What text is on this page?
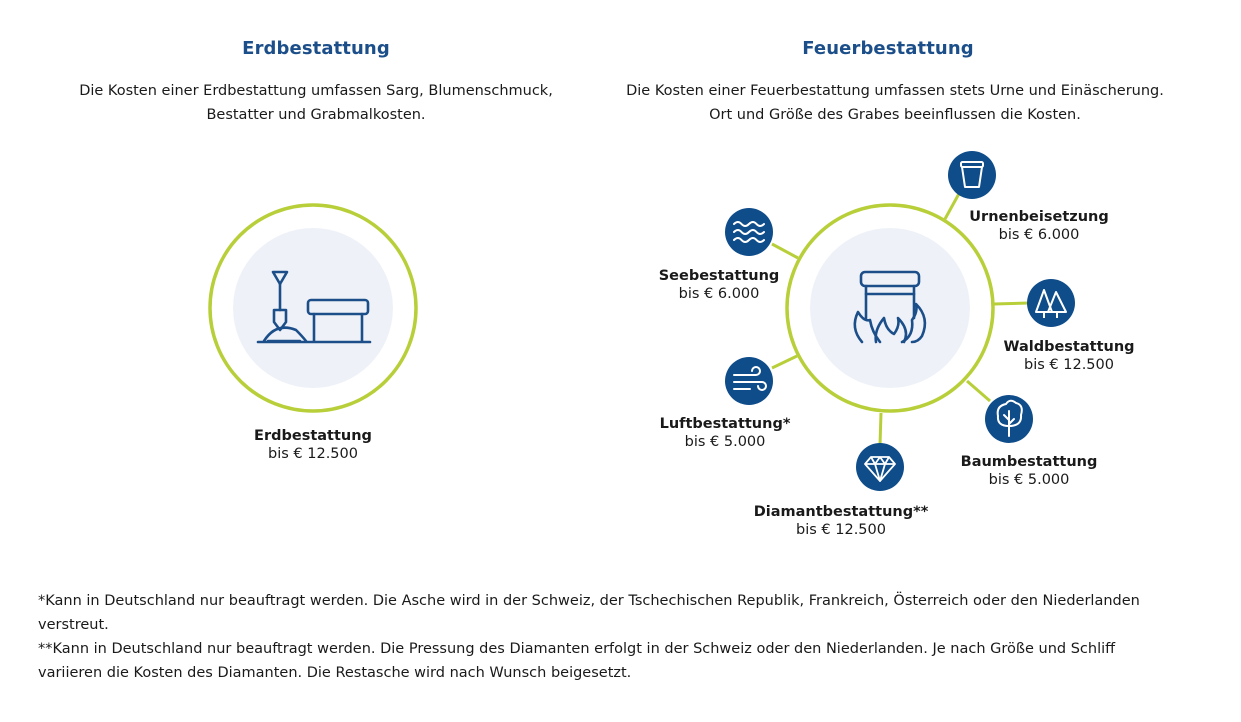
Erdbestattung
Die Kosten einer Erdbestattung umfassen Sarg, Blumenschmuck,
Bestatter und Grabmalkosten.
Feuerbestattung
Die Kosten einer Feuerbestattung umfassen stets Urne und Einäscherung.
Ort und Größe des Grabes beeinflussen die Kosten.
Erdbestattung
bis € 12.500
Urnenbeisetzung
bis € 6.000
Seebestattung
bis € 6.000
Waldbestattung
bis € 12.500
Luftbestattung*
bis € 5.000
Baumbestattung
bis € 5.000
Diamantbestattung**
bis € 12.500

*Kann in Deutschland nur beauftragt werden. Die Asche wird in der Schweiz, der Tschechischen Republik, Frankreich, Österreich oder den Niederlanden verstreut.

**Kann in Deutschland nur beauftragt werden. Die Pressung des Diamanten erfolgt in der Schweiz oder den Niederlanden. Je nach Größe und Schliff variieren die Kosten des Diamanten. Die Restasche wird nach Wunsch beigesetzt.
